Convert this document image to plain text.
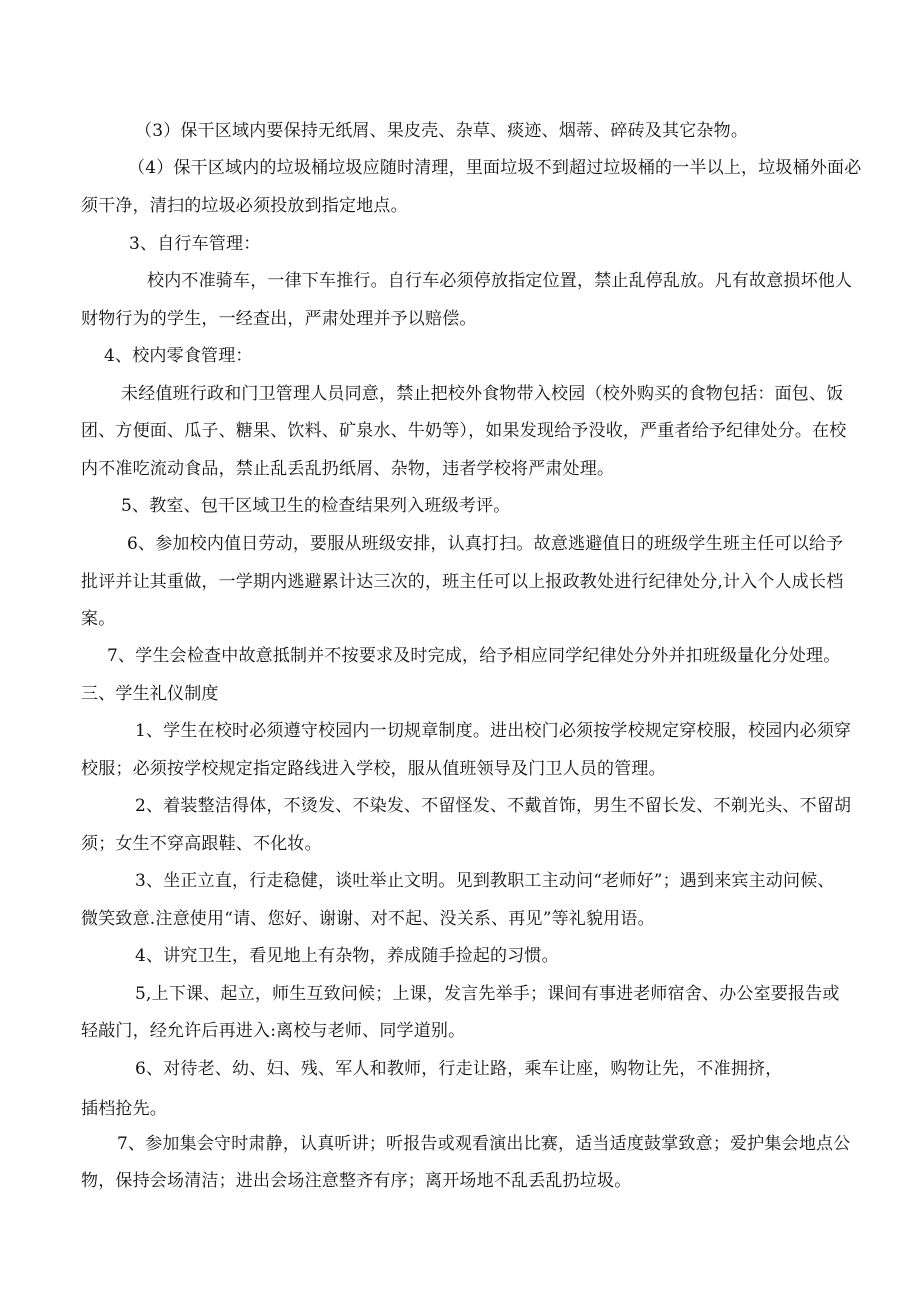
（3）保干区域内要保持无纸屑、果皮壳、杂草、痰迹、烟蒂、碎砖及其它杂物。
（4）保干区域内的垃圾桶垃圾应随时清理，里面垃圾不到超过垃圾桶的一半以上，垃圾桶外面必
须干净，清扫的垃圾必须投放到指定地点。
3、自行车管理：
校内不准骑车，一律下车推行。自行车必须停放指定位置，禁止乱停乱放。凡有故意损坏他人
财物行为的学生，一经查出，严肃处理并予以赔偿。
4、校内零食管理：
未经值班行政和门卫管理人员同意，禁止把校外食物带入校园（校外购买的食物包括：面包、饭
团、方便面、瓜子、糖果、饮料、矿泉水、牛奶等），如果发现给予没收，严重者给予纪律处分。在校
内不准吃流动食品，禁止乱丢乱扔纸屑、杂物，违者学校将严肃处理。
5、教室、包干区域卫生的检查结果列入班级考评。
6、参加校内值日劳动，要服从班级安排，认真打扫。故意逃避值日的班级学生班主任可以给予
批评并让其重做，一学期内逃避累计达三次的，班主任可以上报政教处进行纪律处分,计入个人成长档
案。
7、学生会检查中故意抵制并不按要求及时完成，给予相应同学纪律处分外并扣班级量化分处理。
三、学生礼仪制度
1、学生在校时必须遵守校园内一切规章制度。进出校门必须按学校规定穿校服，校园内必须穿
校服；必须按学校规定指定路线进入学校，服从值班领导及门卫人员的管理。
2、着装整洁得体，不烫发、不染发、不留怪发、不戴首饰，男生不留长发、不剃光头、不留胡
须；女生不穿高跟鞋、不化妆。
3、坐正立直，行走稳健，谈吐举止文明。见到教职工主动问“老师好”；遇到来宾主动问候、
微笑致意.注意使用“请、您好、谢谢、对不起、没关系、再见”等礼貌用语。
4、讲究卫生，看见地上有杂物，养成随手捡起的习惯。
5,上下课、起立，师生互致问候；上课，发言先举手；课间有事进老师宿舍、办公室要报告或
轻敲门，经允许后再进入:离校与老师、同学道别。
6、对待老、幼、妇、残、军人和教师，行走让路，乘车让座，购物让先，不准拥挤，
插档抢先。
7、参加集会守时肃静，认真听讲；听报告或观看演出比赛，适当适度鼓掌致意；爱护集会地点公
物，保持会场清洁；进出会场注意整齐有序；离开场地不乱丢乱扔垃圾。
